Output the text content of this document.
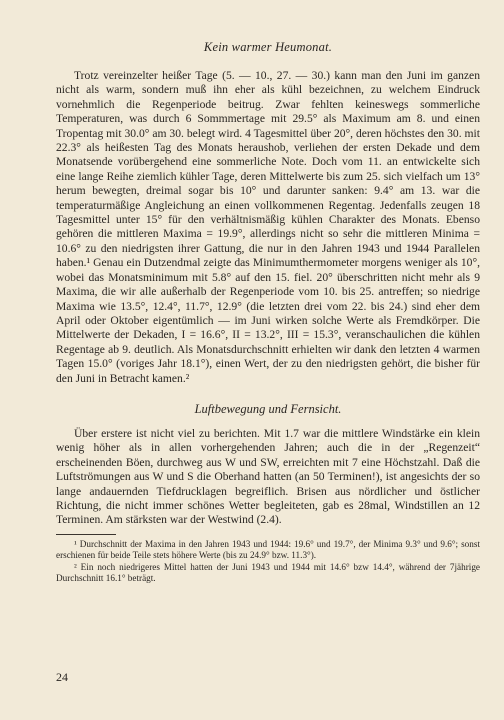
Kein warmer Heumonat.

Trotz vereinzelter heißer Tage (5. — 10., 27. — 30.) kann man den Juni im ganzen nicht als warm, sondern muß ihn eher als kühl bezeichnen, zu welchem Eindruck vornehmlich die Regenperiode beitrug. Zwar fehlten keineswegs sommerliche Temperaturen, was durch 6 Sommmertage mit 29.5° als Maximum am 8. und einen Tropentag mit 30.0° am 30. belegt wird. 4 Tagesmittel über 20°, deren höchstes den 30. mit 22.3° als heißesten Tag des Monats heraushob, verliehen der ersten Dekade und dem Monatsende vorübergehend eine sommerliche Note. Doch vom 11. an entwickelte sich eine lange Reihe ziemlich kühler Tage, deren Mittelwerte bis zum 25. sich vielfach um 13° herum bewegten, dreimal sogar bis 10° und darunter sanken: 9.4° am 13. war die temperaturmäßige Angleichung an einen vollkommenen Regentag. Jedenfalls zeugen 18 Tagesmittel unter 15° für den verhältnismäßig kühlen Charakter des Monats. Ebenso gehören die mittleren Maxima = 19.9°, allerdings nicht so sehr die mittleren Minima = 10.6° zu den niedrigsten ihrer Gattung, die nur in den Jahren 1943 und 1944 Parallelen haben.¹ Genau ein Dutzendmal zeigte das Minimumthermometer morgens weniger als 10°, wobei das Monatsminimum mit 5.8° auf den 15. fiel. 20° überschritten nicht mehr als 9 Maxima, die wir alle außerhalb der Regenperiode vom 10. bis 25. antreffen; so niedrige Maxima wie 13.5°, 12.4°, 11.7°, 12.9° (die letzten drei vom 22. bis 24.) sind eher dem April oder Oktober eigentümlich — im Juni wirken solche Werte als Fremdkörper. Die Mittelwerte der Dekaden, I = 16.6°, II = 13.2°, III = 15.3°, veranschaulichen die kühlen Regentage ab 9. deutlich. Als Monatsdurchschnitt erhielten wir dank den letzten 4 warmen Tagen 15.0° (voriges Jahr 18.1°), einen Wert, der zu den niedrigsten gehört, die bisher für den Juni in Betracht kamen.²

Luftbewegung und Fernsicht.

Über erstere ist nicht viel zu berichten. Mit 1.7 war die mittlere Windstärke ein klein wenig höher als in allen vorhergehenden Jahren; auch die in der „Regenzeit“ erscheinenden Böen, durchweg aus W und SW, erreichten mit 7 eine Höchstzahl. Daß die Luftströmungen aus W und S die Oberhand hatten (an 50 Terminen!), ist angesichts der so lange andauernden Tiefdrucklagen begreiflich. Brisen aus nördlicher und östlicher Richtung, die nicht immer schönes Wetter begleiteten, gab es 28mal, Windstillen an 12 Terminen. Am stärksten war der Westwind (2.4).

¹ Durchschnitt der Maxima in den Jahren 1943 und 1944: 19.6° und 19.7°, der Minima 9.3° und 9.6°; sonst erschienen für beide Teile stets höhere Werte (bis zu 24.9° bzw. 11.3°).

² Ein noch niedrigeres Mittel hatten der Juni 1943 und 1944 mit 14.6° bzw 14.4°, während der 7jährige Durchschnitt 16.1° beträgt.

24
